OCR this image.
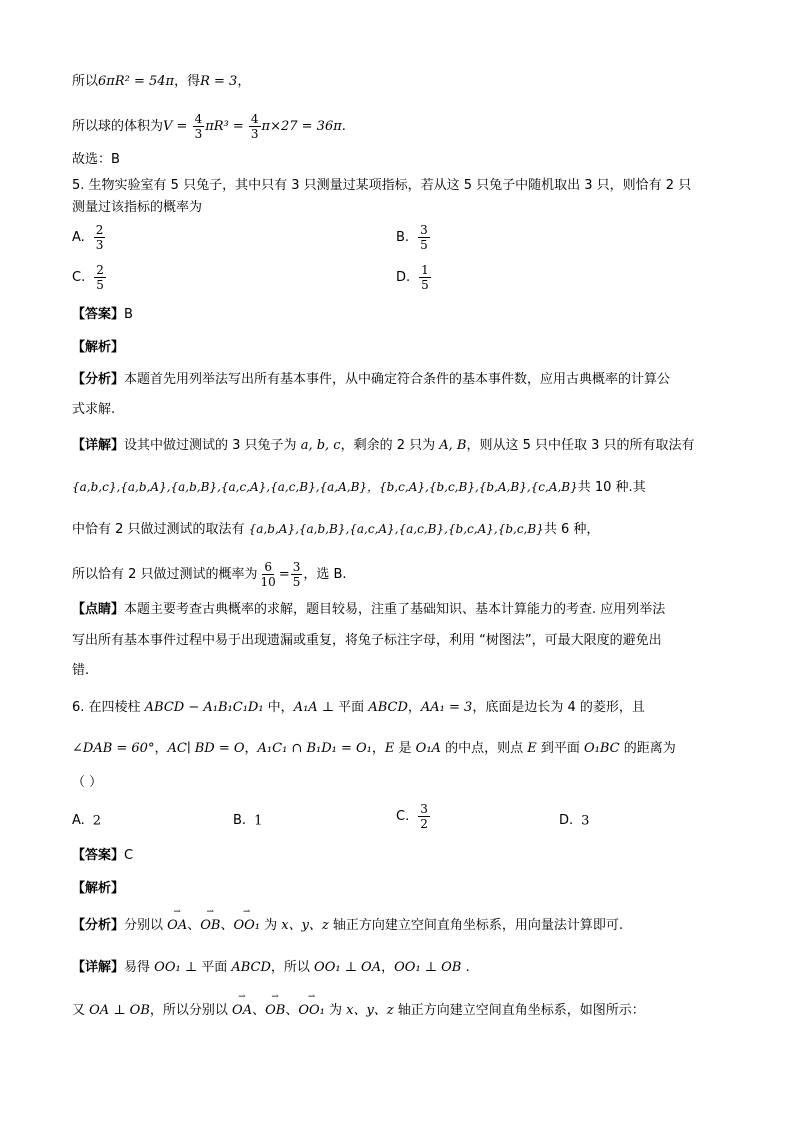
所以6πR² = 54π，得R = 3，
所以球的体积为$V = \frac{4}{3} \pi R^3 = \frac{4}{3} \pi\times 27 = 36\pi$.
故选：B
5. 生物实验室有 5 只兔子，其中只有 3 只测量过某项指标，若从这 5 只兔子中随机取出 3 只，则恰有 2 只
测量过该指标的概率为
A. $\frac{2}{3}$	B. $\frac{3}{5}$
C. $\frac{2}{5}$	D. $\frac{1}{5}$
【答案】B
【解析】
【分析】本题首先用列举法写出所有基本事件，从中确定符合条件的基本事件数，应用古典概率的计算公
式求解.
【详解】设其中做过测试的 3 只兔子为 a, b, c，剩余的 2 只为 A, B，则从这 5 只中任取 3 只的所有取法有
{a,b,c},{a,b,A},{a,b,B},{a,c,A},{a,c,B},{a,A,B}，{b,c,A},{b,c,B},{b,A,B},{c,A,B}共 10 种.其
中恰有 2 只做过测试的取法有 {a,b,A},{a,b,B},{a,c,A},{a,c,B},{b,c,A},{b,c,B}共 6 种，
所以恰有 2 只做过测试的概率为 $\frac{6}{10} = \frac{3}{5}$ ，选 B.
【点睛】本题主要考查古典概率的求解，题目较易，注重了基础知识、基本计算能力的考查. 应用列举法
写出所有基本事件过程中易于出现遗漏或重复，将兔子标注字母，利用 “树图法”，可最大限度的避免出
错.
6. 在四棱柱 ABCD − A₁B₁C₁D₁ 中，A₁A ⊥ 平面 ABCD，AA₁ = 3，底面是边长为 4 的菱形，且
∠DAB = 60°，AC∣ BD = O，A₁C₁ ∩ B₁D₁ = O₁，E 是 O₁A 的中点，则点 E 到平面 O₁BC 的距离为
（ ）
A. 2	B. 1	C. $\frac{3}{2}$	D. 3
【答案】C
【解析】
【分析】分别以 ⇀ OA、⇀ OB、⇀ OO₁ 为 x、y、z 轴正方向建立空间直角坐标系，用向量法计算即可.
【详解】易得 OO₁ ⊥ 平面 ABCD，所以 OO₁ ⊥ OA，OO₁ ⊥ OB .
又 OA ⊥ OB，所以分别以 ⇀ OA、⇀ OB、⇀ OO₁ 为 x、y、z 轴正方向建立空间直角坐标系，如图所示：
